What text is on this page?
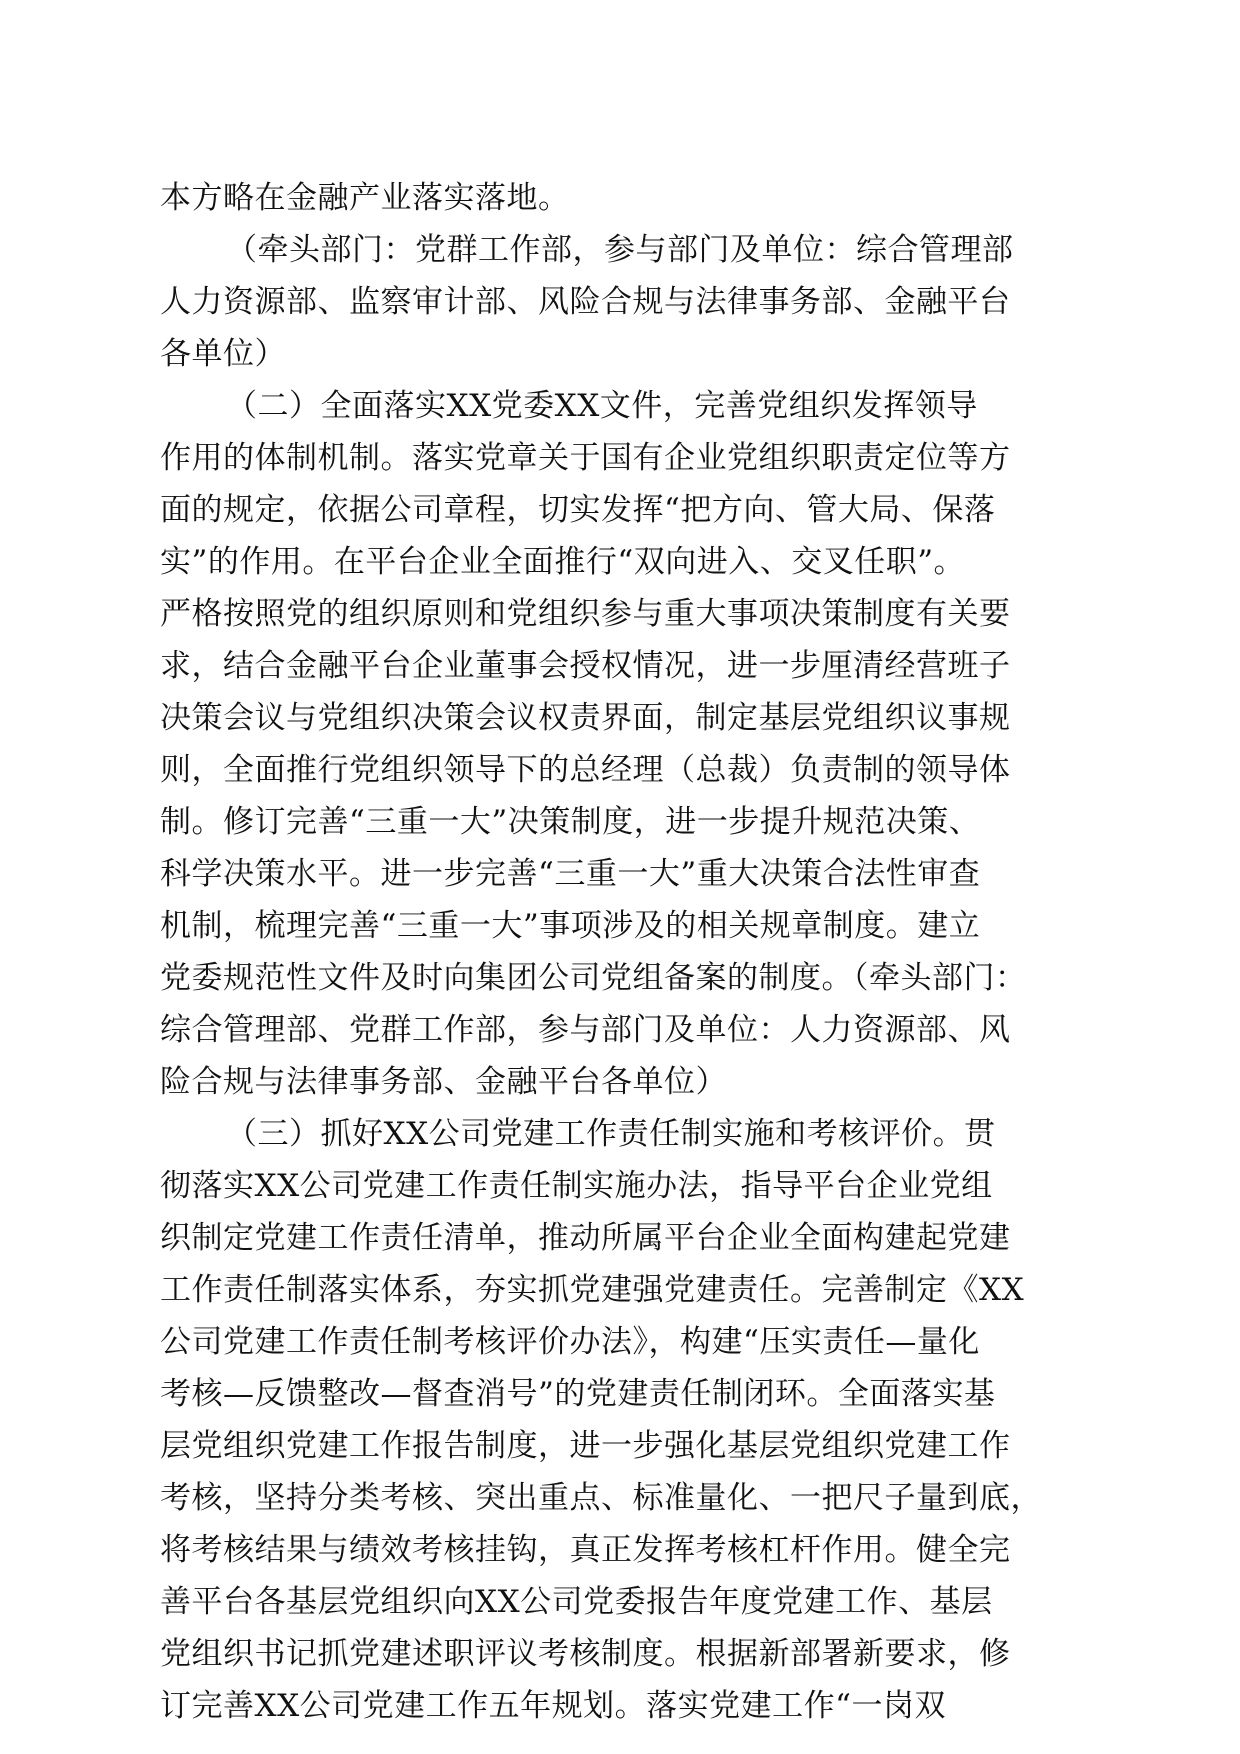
本方略在金融产业落实落地。
（牵头部门：党群工作部，参与部门及单位：综合管理部
人力资源部、监察审计部、风险合规与法律事务部、金融平台
各单位）
（二）全面落实XX党委XX文件，完善党组织发挥领导
作用的体制机制。落实党章关于国有企业党组织职责定位等方
面的规定，依据公司章程，切实发挥“把方向、管大局、保落
实”的作用。在平台企业全面推行“双向进入、交叉任职”。
严格按照党的组织原则和党组织参与重大事项决策制度有关要
求，结合金融平台企业董事会授权情况，进一步厘清经营班子
决策会议与党组织决策会议权责界面，制定基层党组织议事规
则，全面推行党组织领导下的总经理（总裁）负责制的领导体
制。修订完善“三重一大”决策制度，进一步提升规范决策、
科学决策水平。进一步完善“三重一大”重大决策合法性审查
机制，梳理完善“三重一大”事项涉及的相关规章制度。建立
党委规范性文件及时向集团公司党组备案的制度。（牵头部门：
综合管理部、党群工作部，参与部门及单位：人力资源部、风
险合规与法律事务部、金融平台各单位）
（三）抓好XX公司党建工作责任制实施和考核评价。贯
彻落实XX公司党建工作责任制实施办法，指导平台企业党组
织制定党建工作责任清单，推动所属平台企业全面构建起党建
工作责任制落实体系，夯实抓党建强党建责任。完善制定《XX
公司党建工作责任制考核评价办法》，构建“压实责任—量化
考核—反馈整改—督查消号”的党建责任制闭环。全面落实基
层党组织党建工作报告制度，进一步强化基层党组织党建工作
考核，坚持分类考核、突出重点、标准量化、一把尺子量到底，
将考核结果与绩效考核挂钩，真正发挥考核杠杆作用。健全完
善平台各基层党组织向XX公司党委报告年度党建工作、基层
党组织书记抓党建述职评议考核制度。根据新部署新要求，修
订完善XX公司党建工作五年规划。落实党建工作“一岗双
